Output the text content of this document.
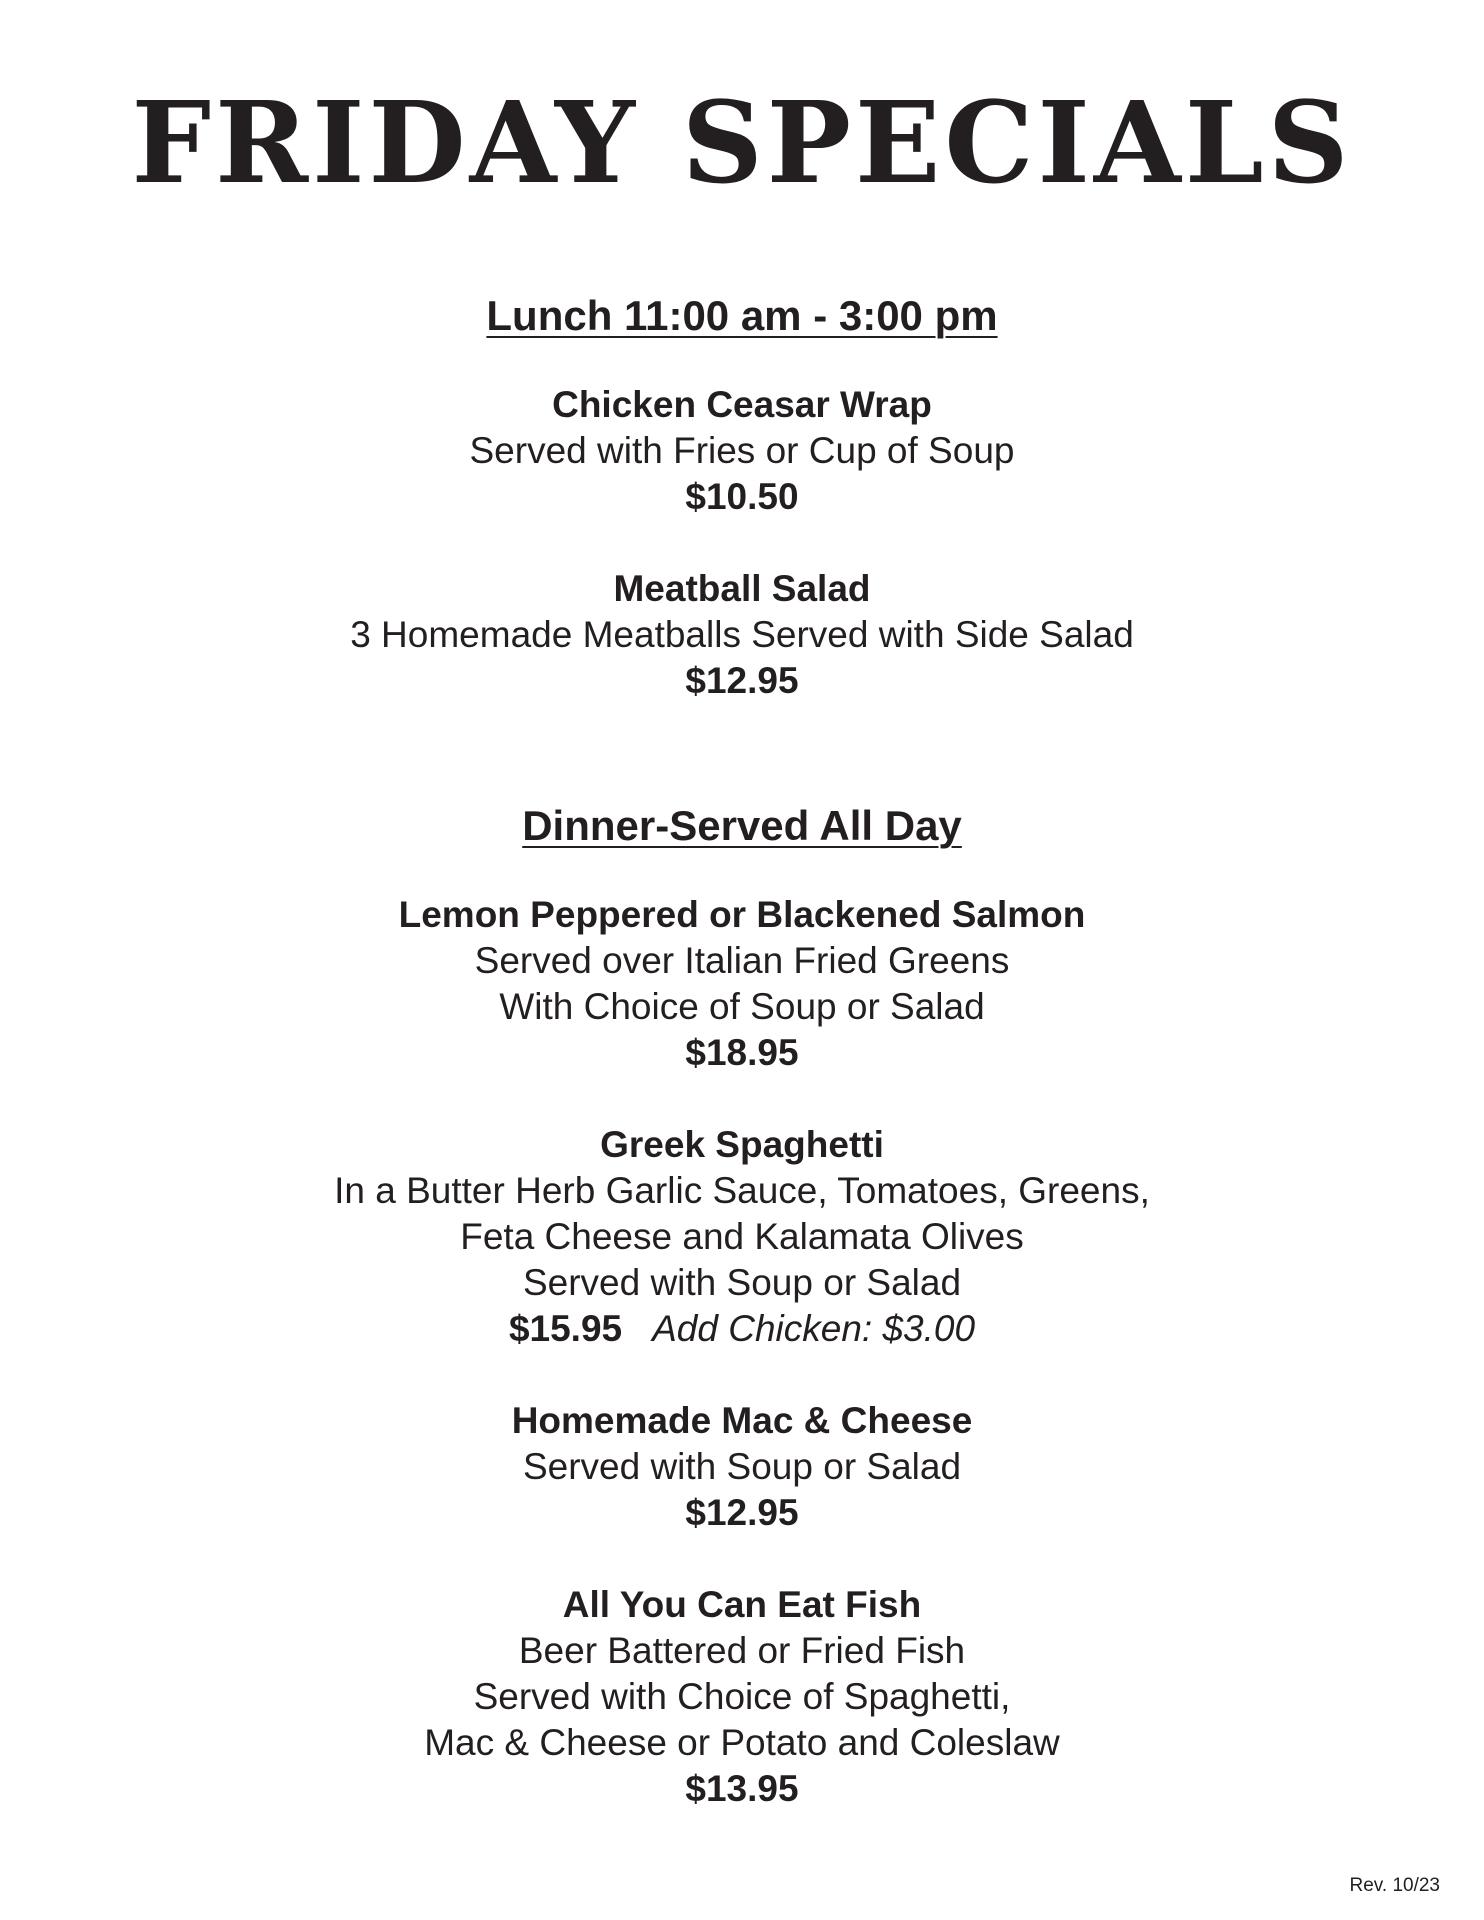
FRIDAY SPECIALS
Lunch 11:00 am - 3:00 pm
Chicken Ceasar Wrap
Served with Fries or Cup of Soup
$10.50
Meatball Salad
3 Homemade Meatballs Served with Side Salad
$12.95
Dinner-Served All Day
Lemon Peppered or Blackened Salmon
Served over Italian Fried Greens
With Choice of Soup or Salad
$18.95
Greek Spaghetti
In a Butter Herb Garlic Sauce, Tomatoes, Greens,
Feta Cheese and Kalamata Olives
Served with Soup or Salad
$15.95 Add Chicken: $3.00
Homemade Mac & Cheese
Served with Soup or Salad
$12.95
All You Can Eat Fish
Beer Battered or Fried Fish
Served with Choice of Spaghetti,
Mac & Cheese or Potato and Coleslaw
$13.95
Rev. 10/23
